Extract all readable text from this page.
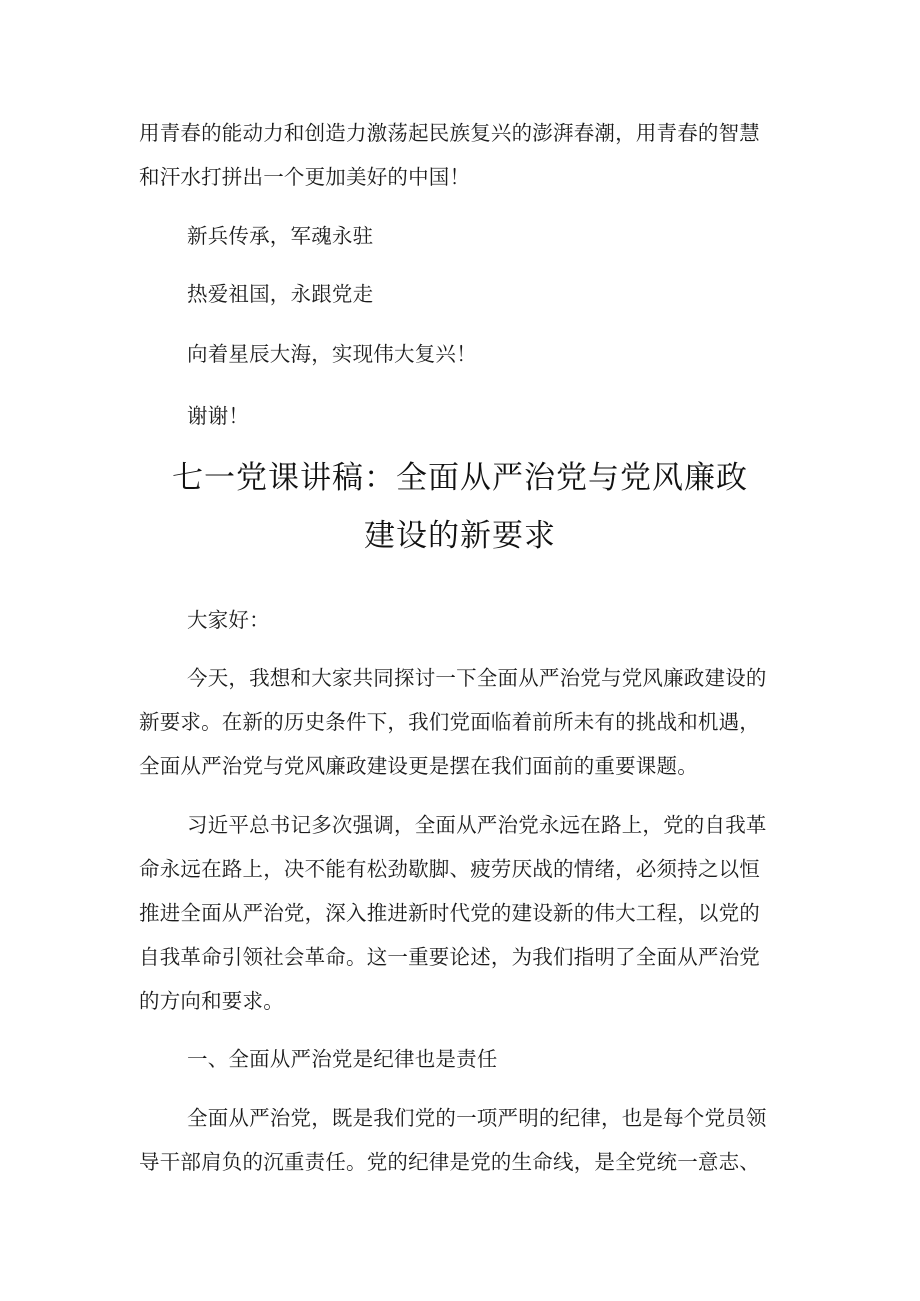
用青春的能动力和创造力激荡起民族复兴的澎湃春潮，用青春的智慧
和汗水打拼出一个更加美好的中国！
新兵传承，军魂永驻
热爱祖国，永跟党走
向着星辰大海，实现伟大复兴！
谢谢！
七一党课讲稿：全面从严治党与党风廉政
建设的新要求
大家好：
今天，我想和大家共同探讨一下全面从严治党与党风廉政建设的
新要求。在新的历史条件下，我们党面临着前所未有的挑战和机遇，
全面从严治党与党风廉政建设更是摆在我们面前的重要课题。
习近平总书记多次强调，全面从严治党永远在路上，党的自我革
命永远在路上，决不能有松劲歇脚、疲劳厌战的情绪，必须持之以恒
推进全面从严治党，深入推进新时代党的建设新的伟大工程，以党的
自我革命引领社会革命。这一重要论述，为我们指明了全面从严治党
的方向和要求。
一、全面从严治党是纪律也是责任
全面从严治党，既是我们党的一项严明的纪律，也是每个党员领
导干部肩负的沉重责任。党的纪律是党的生命线，是全党统一意志、
